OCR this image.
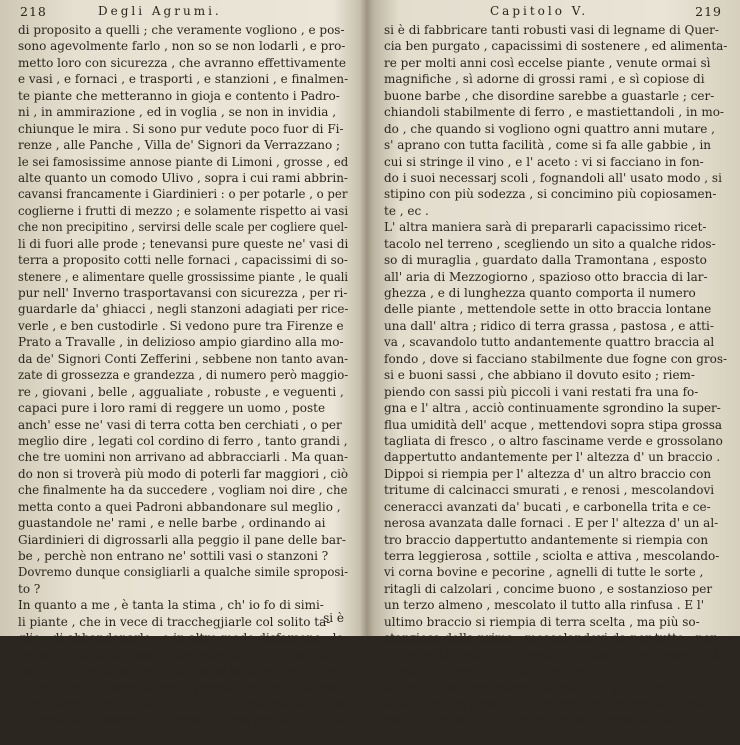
218	Degli Agrumi.
di proposito a quelli ; che veramente vogliono , e pos-
sono agevolmente farlo , non so se non lodarli , e pro-
metto loro con sicurezza , che avranno effettivamente
e vasi , e fornaci , e trasporti , e stanzioni , e finalmen-
te piante che metteranno in gioja e contento i Padro-
ni , in ammirazione , ed in voglia , se non in invidia ,
chiunque le mira . Si sono pur vedute poco fuor di Fi-
renze , alle Panche , Villa de' Signori da Verrazzano ;
le sei famosissime annose piante di Limoni , grosse , ed
alte quanto un comodo Ulivo , sopra i cui rami abbrin-
cavansi francamente i Giardinieri : o per potarle , o per
coglierne i frutti di mezzo ; e solamente rispetto ai vasi
che non precipitino , servirsi delle scale per cogliere quel-
li di fuori alle prode ; tenevansi pure queste ne' vasi di
terra a proposito cotti nelle fornaci , capacissimi di so-
stenere , e alimentare quelle grossissime piante , le quali
pur nell' Inverno trasportavansi con sicurezza , per ri-
guardarle da' ghiacci , negli stanzoni adagiati per rice-
verle , e ben custodirle . Si vedono pure tra Firenze e
Prato a Travalle , in delizioso ampio giardino alla mo-
da de' Signori Conti Zefferini , sebbene non tanto avan-
zate di grossezza e grandezza , di numero però maggio-
re , giovani , belle , aggualiate , robuste , e veguenti ,
capaci pure i loro rami di reggere un uomo , poste
anch' esse ne' vasi di terra cotta ben cerchiati , o per
meglio dire , legati col cordino di ferro , tanto grandi ,
che tre uomini non arrivano ad abbracciarli . Ma quan-
do non si troverà più modo di poterli far maggiori , ciò
che finalmente ha da succedere , vogliam noi dire , che
metta conto a quei Padroni abbandonare sul meglio ,
guastandole ne' rami , e nelle barbe , ordinando ai
Giardinieri di digrossarli alla peggio il pane delle bar-
be , perchè non entrano ne' sottili vasi o stanzoni ?
Dovremo dunque consigliarli a qualche simile sproposi-
to ?
In quanto a me , è tanta la stima , ch' io fo di simi-
li piante , che in vece di tracchegjiarle col solito ta-
glio , di abbandonarle , o in altro modo disfarsene , lo-
ro persuaderò più tosto a tenerne più conto che mai ,
come di singolarissima cosa , e da farsi anche presso
quasi unica ; avanzandomi a promettere loro due ma-
niere sicure per ajutarle , e vieppiù condurle alla loro
più possibili grandezza , e quasi dissi perpetuarle . L' una
si è
Capitolo V.	219
si è di fabbricare tanti robusti vasi di legname di Quer-
cia ben purgato , capacissimi di sostenere , ed alimenta-
re per molti anni così eccelse piante , venute ormai sì
magnifiche , sì adorne di grossi rami , e sì copiose di
buone barbe , che disordine sarebbe a guastarle ; cer-
chiandoli stabilmente di ferro , e mastiettandoli , in mo-
do , che quando si vogliono ogni quattro anni mutare ,
s' aprano con tutta facilità , come si fa alle gabbie , in
cui si stringe il vino , e l' aceto : vi si facciano in fon-
do i suoi necessarj scoli , fognandoli all' usato modo , si
stipino con più sodezza , si concimino più copiosamen-
te , ec .
L' altra maniera sarà di prepararli capacissimo ricet-
tacolo nel terreno , scegliendo un sito a qualche ridos-
so di muraglia , guardato dalla Tramontana , esposto
all' aria di Mezzogiorno , spazioso otto braccia di lar-
ghezza , e di lunghezza quanto comporta il numero
delle piante , mettendole sette in otto braccia lontane
una dall' altra ; ridico di terra grassa , pastosa , e atti-
va , scavandolo tutto andantemente quattro braccia al
fondo , dove si facciano stabilmente due fogne con gros-
si e buoni sassi , che abbiano il dovuto esito ; riem-
piendo con sassi più piccoli i vani restati fra una fo-
gna e l' altra , acciò continuamente sgrondino la super-
flua umidità dell' acque , mettendovi sopra stipa grossa
tagliata di fresco , o altro fasciname verde e grossolano
dappertutto andantemente per l' altezza d' un braccio .
Dippoi si riempia per l' altezza d' un altro braccio con
tritume di calcinacci smurati , e renosi , mescolandovi
ceneracci avanzati da' bucati , e carbonella trita e ce-
nerosa avanzata dalle fornaci . E per l' altezza d' un al-
tro braccio dappertutto andantemente si riempia con
terra leggierosa , sottile , sciolta e attiva , mescolando-
vi corna bovine e pecorine , agnelli di tutte le sorte ,
ritagli di calzolari , concime buono , e sostanzioso per
un terzo almeno , mescolato il tutto alla rinfusa . E l'
ultimo braccio si riempia di terra scelta , ma più so-
stanziosa della prima , mescolandovi da per tutto , per
un terzo almeno , de' concimi più sottili e spiritosi , già
preparati e smaltiti di qualche tempo .
Adunque nel vero mezzo , alquanto a galla , nel me-
se d' Aprile si ripiantino con tutto il rispetto sì degne
piante , lontane sette in otto braccia una dall' altra ;
sol-
